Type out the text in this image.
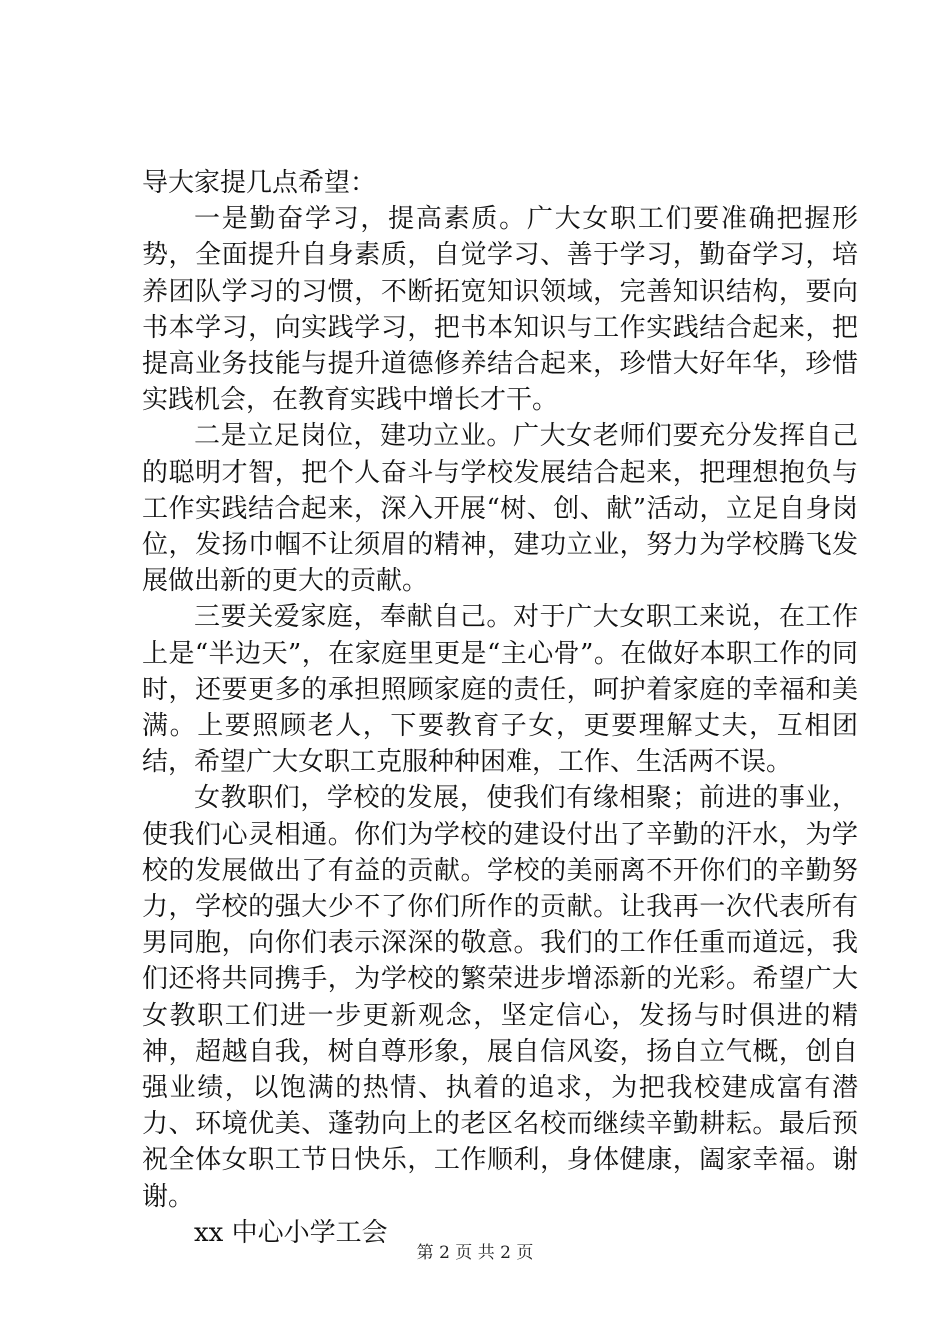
导大家提几点希望：

一是勤奋学习，提高素质。广大女职工们要准确把握形势，全面提升自身素质，自觉学习、善于学习，勤奋学习，培养团队学习的习惯，不断拓宽知识领域，完善知识结构，要向书本学习，向实践学习，把书本知识与工作实践结合起来，把提高业务技能与提升道德修养结合起来，珍惜大好年华，珍惜实践机会，在教育实践中增长才干。

二是立足岗位，建功立业。广大女老师们要充分发挥自己的聪明才智，把个人奋斗与学校发展结合起来，把理想抱负与工作实践结合起来，深入开展“树、创、献”活动，立足自身岗位，发扬巾帼不让须眉的精神，建功立业，努力为学校腾飞发展做出新的更大的贡献。

三要关爱家庭，奉献自己。对于广大女职工来说，在工作上是“半边天”，在家庭里更是“主心骨”。在做好本职工作的同时，还要更多的承担照顾家庭的责任，呵护着家庭的幸福和美满。上要照顾老人，下要教育子女，更要理解丈夫，互相团结，希望广大女职工克服种种困难，工作、生活两不误。

女教职们，学校的发展，使我们有缘相聚；前进的事业，使我们心灵相通。你们为学校的建设付出了辛勤的汗水，为学校的发展做出了有益的贡献。学校的美丽离不开你们的辛勤努力，学校的强大少不了你们所作的贡献。让我再一次代表所有男同胞，向你们表示深深的敬意。我们的工作任重而道远，我们还将共同携手，为学校的繁荣进步增添新的光彩。希望广大女教职工们进一步更新观念，坚定信心，发扬与时俱进的精神，超越自我，树自尊形象，展自信风姿，扬自立气概，创自强业绩，以饱满的热情、执着的追求，为把我校建成富有潜力、环境优美、蓬勃向上的老区名校而继续辛勤耕耘。最后预祝全体女职工节日快乐，工作顺利，身体健康，阖家幸福。谢谢。

xx 中心小学工会

第 2 页 共 2 页
